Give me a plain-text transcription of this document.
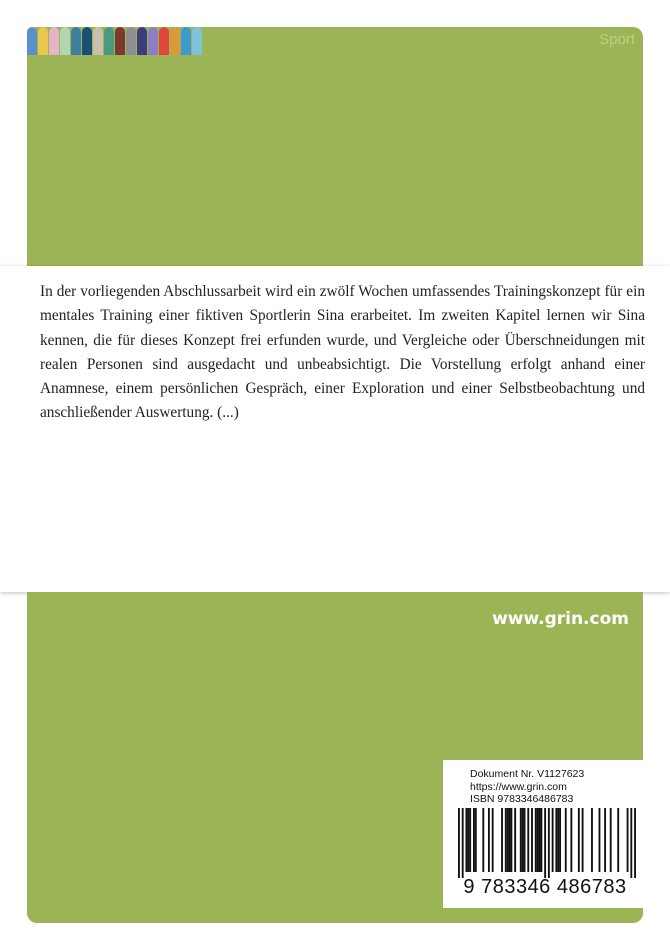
Sport

In der vorliegenden Abschlussarbeit wird ein zwölf Wochen umfassendes Trainingskonzept für ein mentales Training einer fiktiven Sportlerin Sina erarbeitet. Im zweiten Kapitel lernen wir Sina kennen, die für dieses Konzept frei erfunden wurde, und Vergleiche oder Überschneidungen mit realen Personen sind ausgedacht und unbeabsichtigt. Die Vorstellung erfolgt anhand einer Anamnese, einem persönlichen Gespräch, einer Exploration und einer Selbstbeobachtung und anschließender Auswertung. (...)

www.grin.com
Dokument Nr. V1127623
https://www.grin.com
ISBN 9783346486783
9 783346 486783
